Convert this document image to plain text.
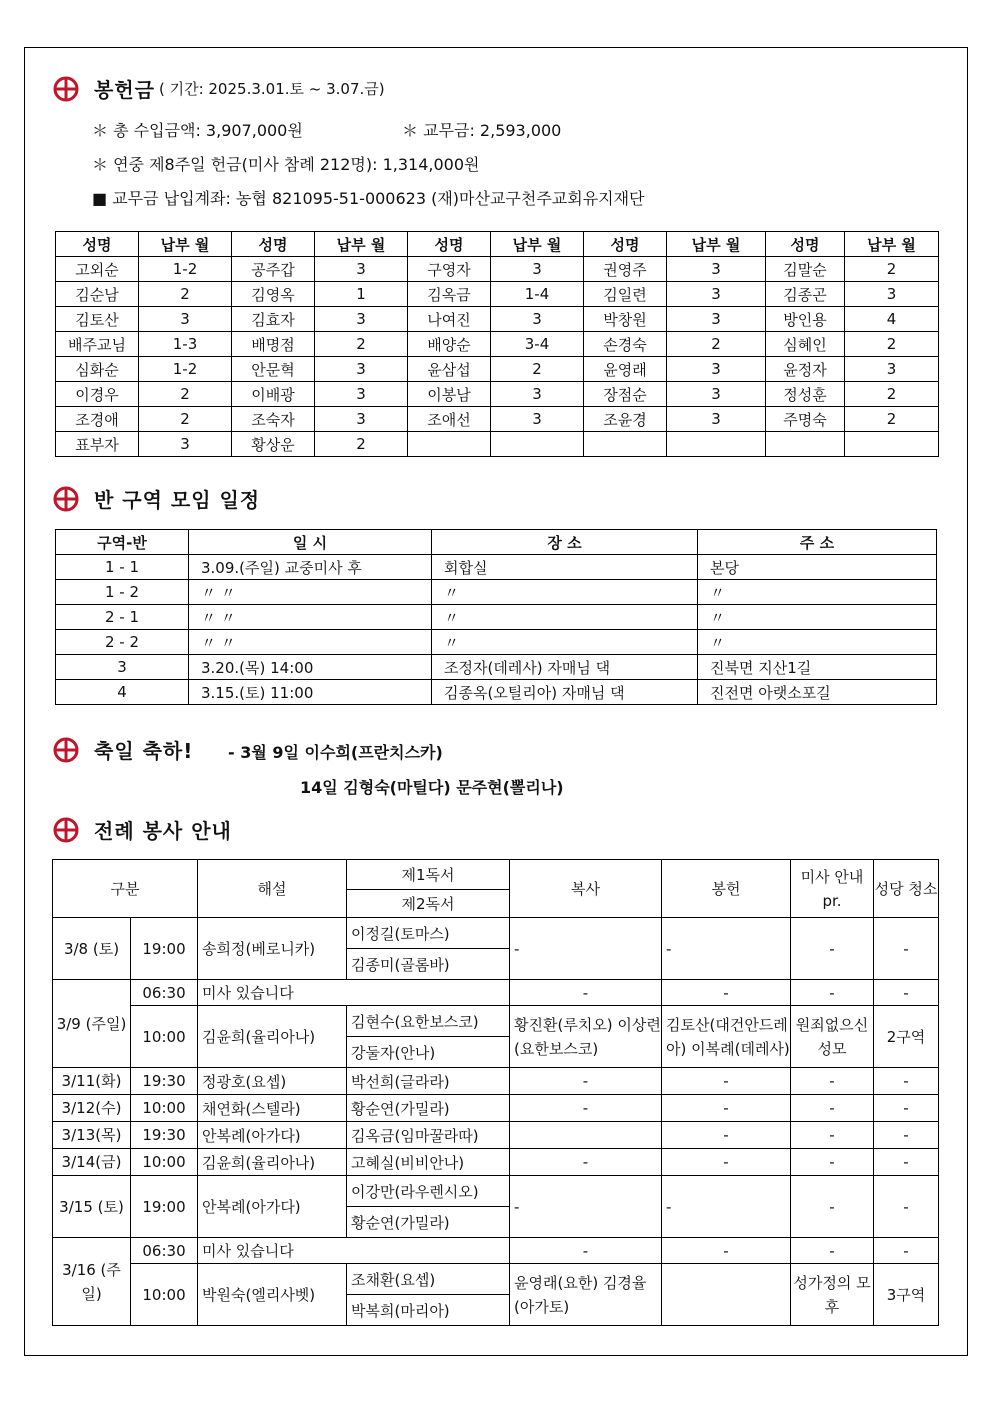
봉헌금 ( 기간: 2025.3.01.토 ~ 3.07.금)
＊ 총 수입금액: 3,907,000원	＊ 교무금: 2,593,000
＊ 연중 제8주일 헌금(미사 참례 212명): 1,314,000원
■ 교무금 납입계좌: 농협 821095-51-000623 (재)마산교구천주교회유지재단
성명	납부 월	성명	납부 월	성명	납부 월	성명	납부 월	성명	납부 월
고외순	1-2	공주갑	3	구영자	3	권영주	3	김말순	2
김순남	2	김영옥	1	김옥금	1-4	김일련	3	김종곤	3
김토산	3	김효자	3	나여진	3	박창원	3	방인용	4
배주교님	1-3	배명점	2	배양순	3-4	손경숙	2	심혜인	2
심화순	1-2	안문혁	3	윤삼섭	2	윤영래	3	윤정자	3
이경우	2	이배광	3	이봉남	3	장점순	3	정성훈	2
조경애	2	조숙자	3	조애선	3	조윤경	3	주명숙	2
표부자	3	황상운	2						
반 구역 모임 일정
구역-반	일 시	장 소	주 소
1 - 1	3.09.(주일) 교중미사 후	회합실	본당
1 - 2	〃 〃	〃	〃
2 - 1	〃 〃	〃	〃
2 - 2	〃 〃	〃	〃
3	3.20.(목) 14:00	조정자(데레사) 자매님 댁	진북면 지산1길
4	3.15.(토) 11:00	김종옥(오틸리아) 자매님 댁	진전면 아랫소포길
축일 축하! - 3월 9일 이수희(프란치스카)
14일 김형숙(마틸다) 문주현(뽈리나)
전례 봉사 안내
구분		해설	제1독서	복사	봉헌	미사 안내 pr.	성당 청소
			제2독서				
3/8 (토)	19:00	송희정(베로니카)	이정길(토마스)	-	-	-	-
			김종미(골롬바)				
3/9 (주일)	06:30	미사 있습니다		-	-	-	-
	10:00	김윤희(율리아나)	김현수(요한보스코)	황진환(루치오) 이상련(요한보스코)	김토산(대건안드레아) 이복례(데레사)	원죄없으신 성모	2구역
			강둘자(안나)				
3/11(화)	19:30	정광호(요셉)	박선희(글라라)	-	-	-	-
3/12(수)	10:00	채연화(스텔라)	황순연(가밀라)	-	-	-	-
3/13(목)	19:30	안복례(아가다)	김옥금(임마꿀라따)		-	-	-
3/14(금)	10:00	김윤희(율리아나)	고혜실(비비안나)	-	-	-	-
3/15 (토)	19:00	안복례(아가다)	이강만(라우렌시오)	-	-	-	-
			황순연(가밀라)				
3/16 (주일)	06:30	미사 있습니다		-	-	-	-
	10:00	박원숙(엘리사벳)	조채환(요셉)	윤영래(요한) 김경율(아가토)		성가정의 모후	3구역
			박복희(마리아)				
